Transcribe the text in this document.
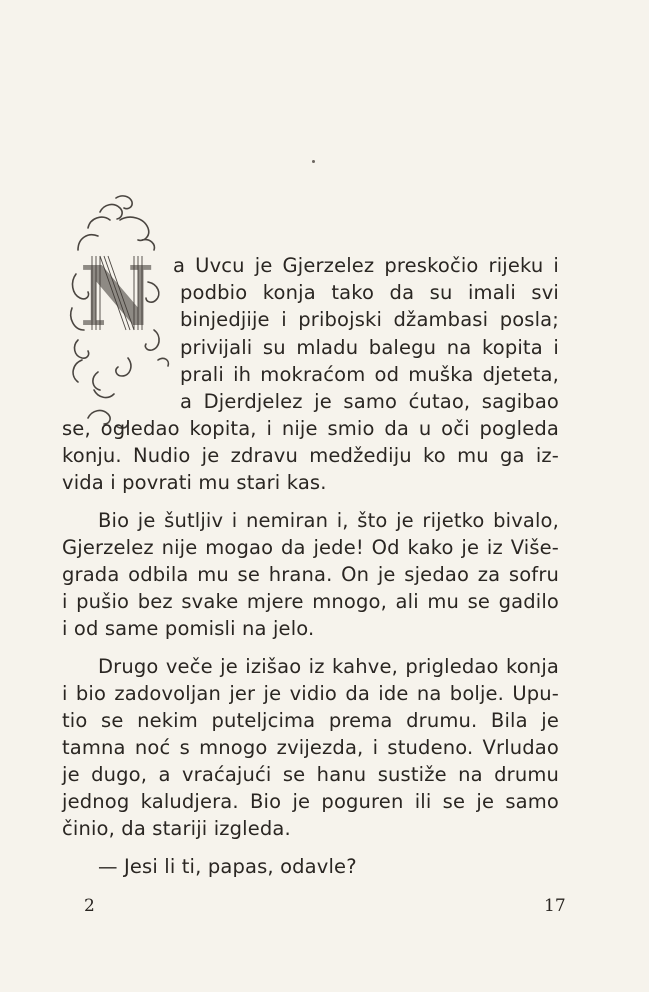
N a Uvcu je Gjerzelez preskočio rijeku i
podbio konja tako da su imali svi
binjedjije i pribojski džambasi posla;
privijali su mladu balegu na kopita i
prali ih mokraćom od muška djeteta,
a Djerdjelez je samo ćutao, sagibao
se, ogledao kopita, i nije smio da u oči pogleda
konju. Nudio je zdravu medžediju ko mu ga iz-
vida i povrati mu stari kas.
Bio je šutljiv i nemiran i, što je rijetko bivalo,
Gjerzelez nije mogao da jede! Od kako je iz Više-
grada odbila mu se hrana. On je sjedao za sofru
i pušio bez svake mjere mnogo, ali mu se gadilo
i od same pomisli na jelo.
Drugo veče je izišao iz kahve, prigledao konja
i bio zadovoljan jer je vidio da ide na bolje. Upu-
tio se nekim puteljcima prema drumu. Bila je
tamna noć s mnogo zvijezda, i studeno. Vrludao
je dugo, a vraćajući se hanu sustiže na drumu
jednog kaludjera. Bio je poguren ili se je samo
činio, da stariji izgleda.
— Jesi li ti, papas, odavle?
2	17
